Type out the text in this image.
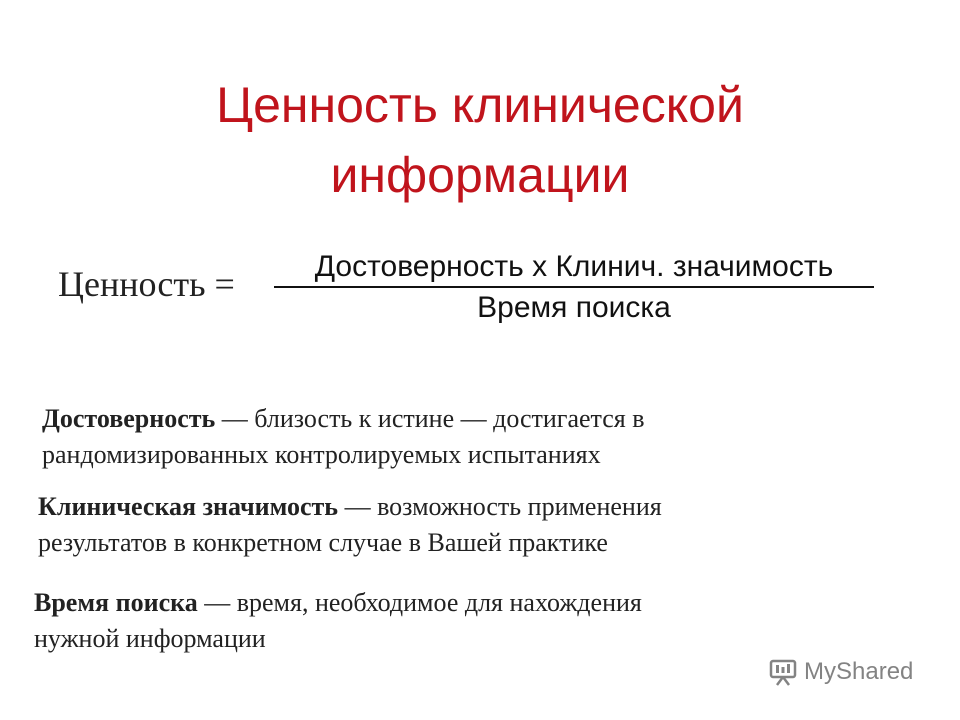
Ценность клинической
информации
Ценность =	Достоверность х Клинич. значимость
Время поиска
Достоверность — близость к истине — достигается в
рандомизированных контролируемых испытаниях
Клиническая значимость — возможность применения
результатов в конкретном случае в Вашей практике
Время поиска — время, необходимое для нахождения
нужной информации
MyShared
